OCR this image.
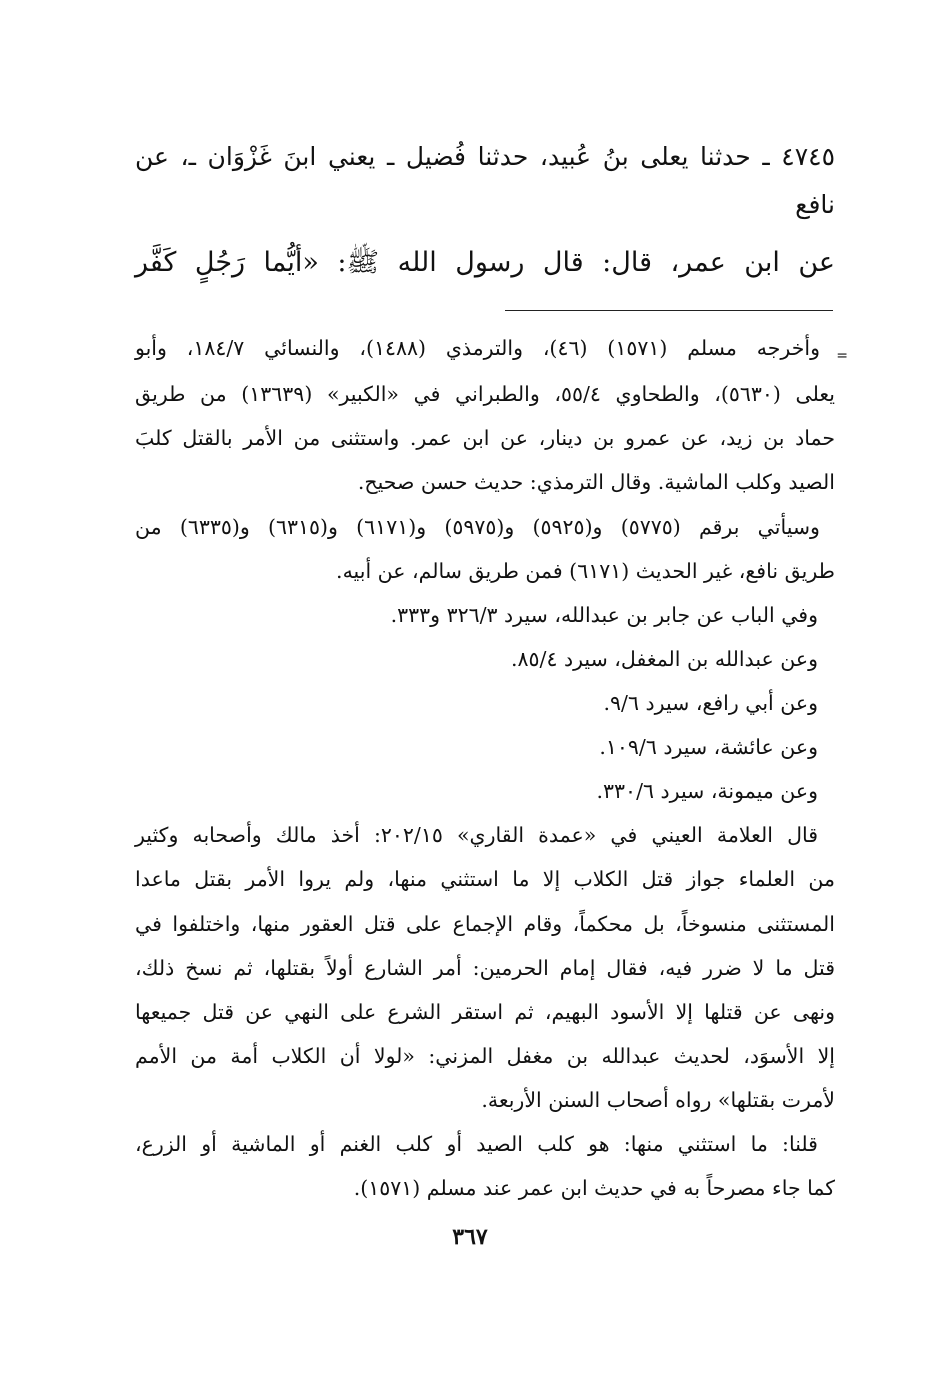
٤٧٤٥ ـ حدثنا يعلى بنُ عُبيد، حدثنا فُضيل ـ يعني ابنَ غَزْوَان ـ، عن
نافع
عن ابن عمر، قال: قال رسول الله ﷺ: «أيُّما رَجُلٍ كَفَّر
=
وأخرجه مسلم (١٥٧١) (٤٦)، والترمذي (١٤٨٨)، والنسائي ١٨٤/٧، وأبو
يعلى (٥٦٣٠)، والطحاوي ٥٥/٤، والطبراني في «الكبير» (١٣٦٣٩) من طريق
حماد بن زيد، عن عمرو بن دينار، عن ابن عمر. واستثنى من الأمر بالقتل كلبَ
الصيد وكلب الماشية. وقال الترمذي: حديث حسن صحيح.
وسيأتي برقم (٥٧٧٥) و(٥٩٢٥) و(٥٩٧٥) و(٦١٧١) و(٦٣١٥) و(٦٣٣٥) من
طريق نافع، غير الحديث (٦١٧١) فمن طريق سالم، عن أبيه.
وفي الباب عن جابر بن عبدالله، سيرد ٣٢٦/٣ و٣٣٣.
وعن عبدالله بن المغفل، سيرد ٨٥/٤.
وعن أبي رافع، سيرد ٩/٦.
وعن عائشة، سيرد ١٠٩/٦.
وعن ميمونة، سيرد ٣٣٠/٦.
قال العلامة العيني في «عمدة القاري» ٢٠٢/١٥: أخذ مالك وأصحابه وكثير
من العلماء جواز قتل الكلاب إلا ما استثني منها، ولم يروا الأمر بقتل ماعدا
المستثنى منسوخاً، بل محكماً، وقام الإجماع على قتل العقور منها، واختلفوا في
قتل ما لا ضرر فيه، فقال إمام الحرمين: أمر الشارع أولاً بقتلها، ثم نسخ ذلك،
ونهى عن قتلها إلا الأسود البهيم، ثم استقر الشرع على النهي عن قتل جميعها
إلا الأسوَد، لحديث عبدالله بن مغفل المزني: «لولا أن الكلاب أمة من الأمم
لأمرت بقتلها» رواه أصحاب السنن الأربعة.
قلنا: ما استثني منها: هو كلب الصيد أو كلب الغنم أو الماشية أو الزرع،
كما جاء مصرحاً به في حديث ابن عمر عند مسلم (١٥٧١).
٣٦٧
